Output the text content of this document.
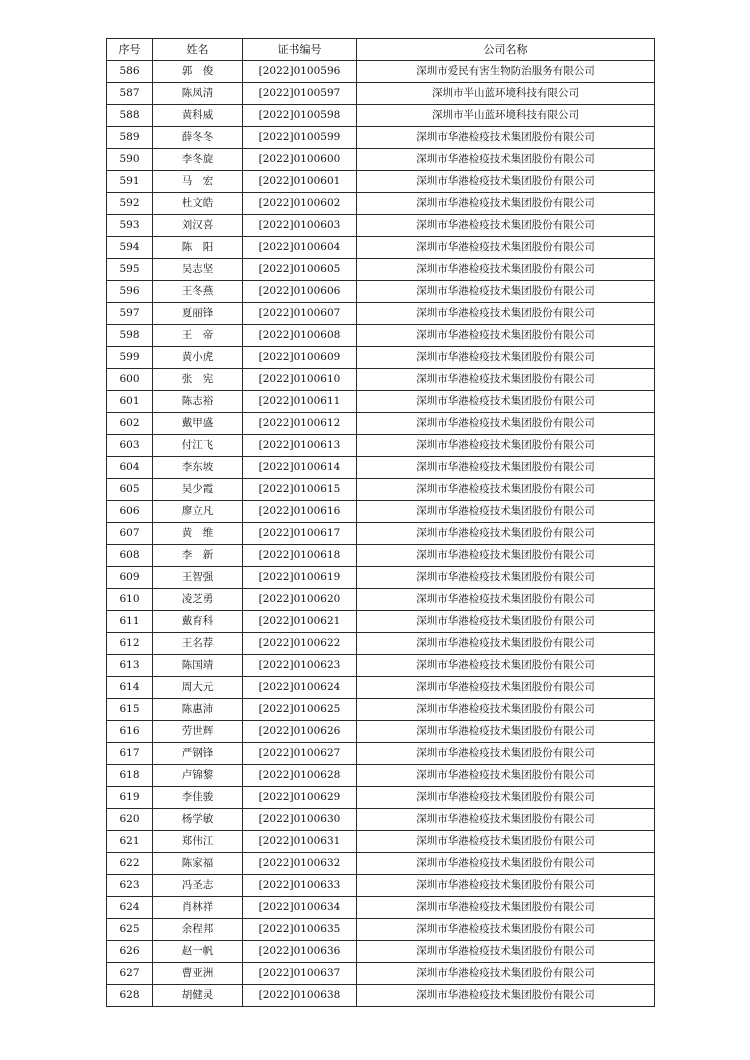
序号	姓名	证书编号	公司名称
586	郭　俊	[2022]0100596	深圳市爱民有害生物防治服务有限公司
587	陈凤清	[2022]0100597	深圳市半山蓝环境科技有限公司
588	黄科威	[2022]0100598	深圳市半山蓝环境科技有限公司
589	薛冬冬	[2022]0100599	深圳市华港检疫技术集团股份有限公司
590	李冬旋	[2022]0100600	深圳市华港检疫技术集团股份有限公司
591	马　宏	[2022]0100601	深圳市华港检疫技术集团股份有限公司
592	杜文皓	[2022]0100602	深圳市华港检疫技术集团股份有限公司
593	刘汉喜	[2022]0100603	深圳市华港检疫技术集团股份有限公司
594	陈　阳	[2022]0100604	深圳市华港检疫技术集团股份有限公司
595	吴志坚	[2022]0100605	深圳市华港检疫技术集团股份有限公司
596	王冬燕	[2022]0100606	深圳市华港检疫技术集团股份有限公司
597	夏丽锋	[2022]0100607	深圳市华港检疫技术集团股份有限公司
598	王　帝	[2022]0100608	深圳市华港检疫技术集团股份有限公司
599	黄小虎	[2022]0100609	深圳市华港检疫技术集团股份有限公司
600	张　宪	[2022]0100610	深圳市华港检疫技术集团股份有限公司
601	陈志裕	[2022]0100611	深圳市华港检疫技术集团股份有限公司
602	戴甲盛	[2022]0100612	深圳市华港检疫技术集团股份有限公司
603	付江飞	[2022]0100613	深圳市华港检疫技术集团股份有限公司
604	李东坡	[2022]0100614	深圳市华港检疫技术集团股份有限公司
605	吴少霞	[2022]0100615	深圳市华港检疫技术集团股份有限公司
606	廖立凡	[2022]0100616	深圳市华港检疫技术集团股份有限公司
607	黄　维	[2022]0100617	深圳市华港检疫技术集团股份有限公司
608	李　新	[2022]0100618	深圳市华港检疫技术集团股份有限公司
609	王智强	[2022]0100619	深圳市华港检疫技术集团股份有限公司
610	凌芝勇	[2022]0100620	深圳市华港检疫技术集团股份有限公司
611	戴育科	[2022]0100621	深圳市华港检疫技术集团股份有限公司
612	王名荐	[2022]0100622	深圳市华港检疫技术集团股份有限公司
613	陈国靖	[2022]0100623	深圳市华港检疫技术集团股份有限公司
614	周大元	[2022]0100624	深圳市华港检疫技术集团股份有限公司
615	陈惠沛	[2022]0100625	深圳市华港检疫技术集团股份有限公司
616	劳世辉	[2022]0100626	深圳市华港检疫技术集团股份有限公司
617	严钢锋	[2022]0100627	深圳市华港检疫技术集团股份有限公司
618	卢锦黎	[2022]0100628	深圳市华港检疫技术集团股份有限公司
619	李佳骏	[2022]0100629	深圳市华港检疫技术集团股份有限公司
620	杨学敏	[2022]0100630	深圳市华港检疫技术集团股份有限公司
621	郑伟江	[2022]0100631	深圳市华港检疫技术集团股份有限公司
622	陈家福	[2022]0100632	深圳市华港检疫技术集团股份有限公司
623	冯圣志	[2022]0100633	深圳市华港检疫技术集团股份有限公司
624	肖林祥	[2022]0100634	深圳市华港检疫技术集团股份有限公司
625	余程邦	[2022]0100635	深圳市华港检疫技术集团股份有限公司
626	赵一帆	[2022]0100636	深圳市华港检疫技术集团股份有限公司
627	曹亚洲	[2022]0100637	深圳市华港检疫技术集团股份有限公司
628	胡健灵	[2022]0100638	深圳市华港检疫技术集团股份有限公司
